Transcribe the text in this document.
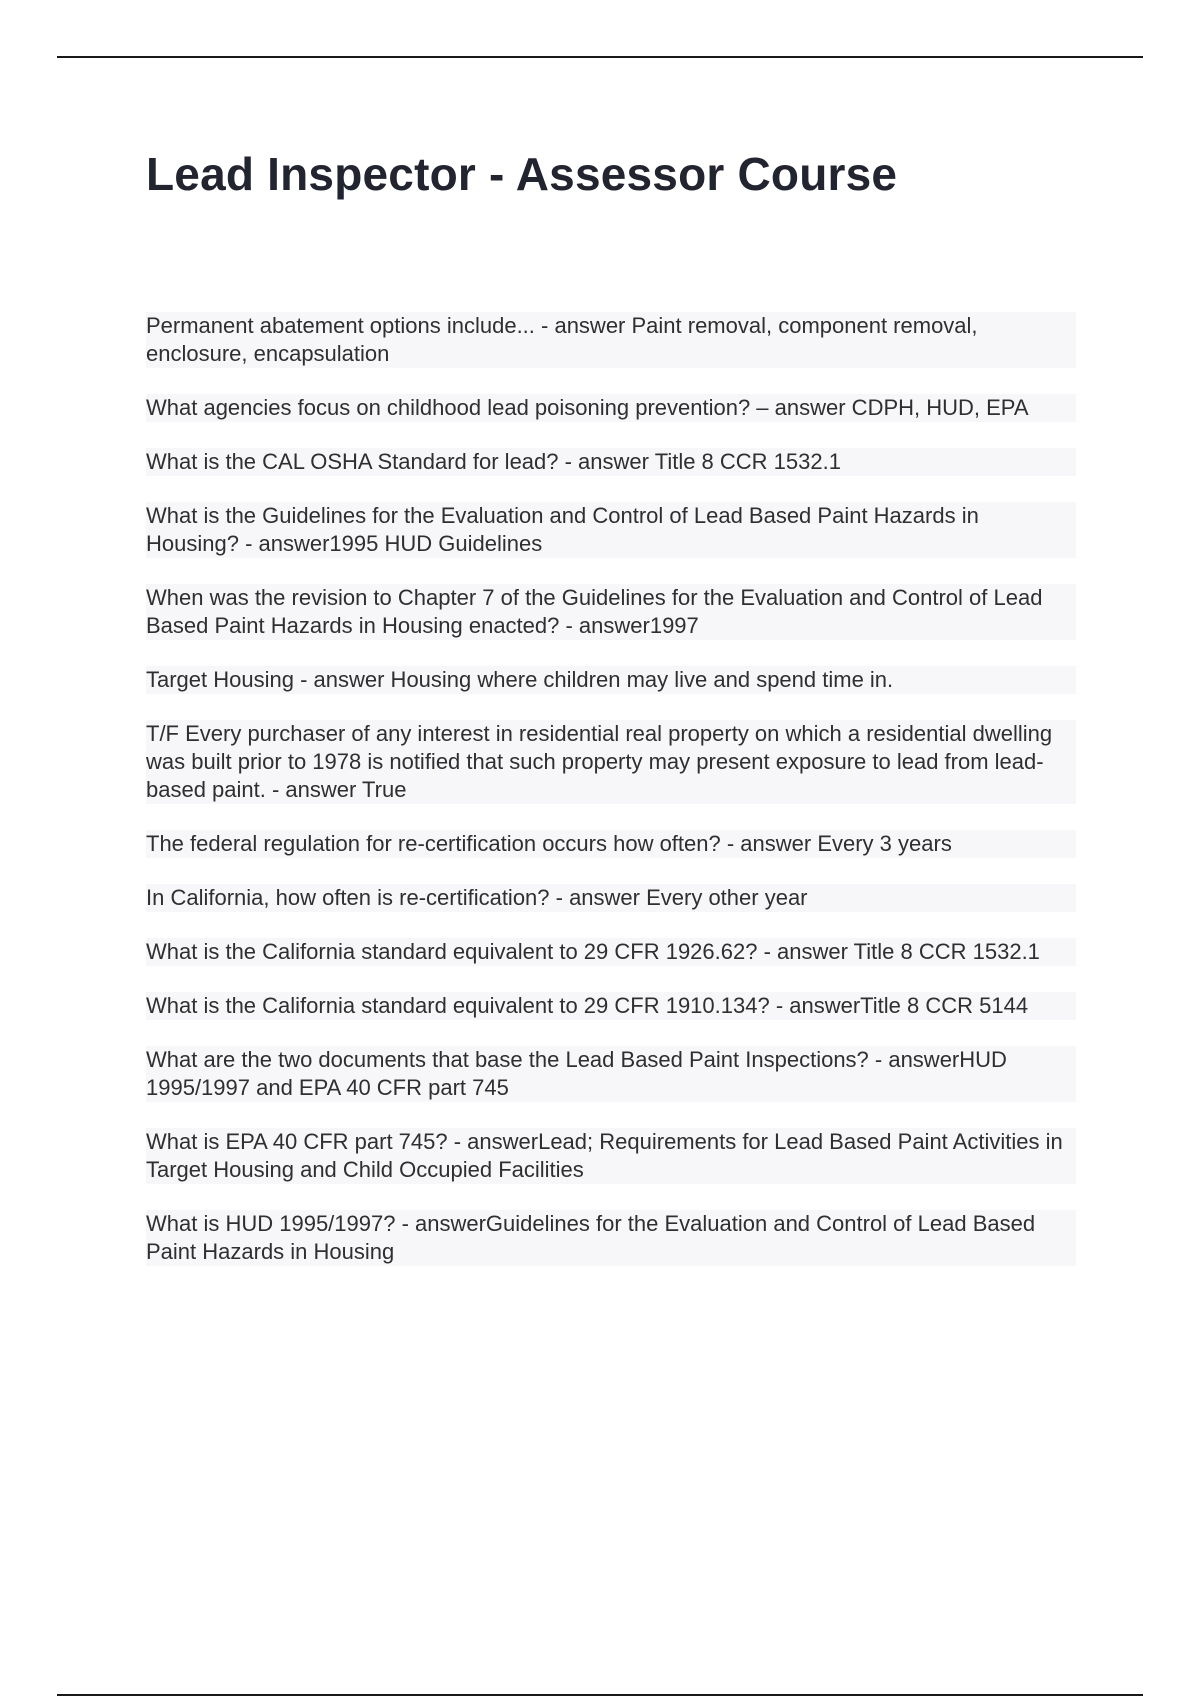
Lead Inspector - Assessor Course

Permanent abatement options include... - answer Paint removal, component removal, enclosure, encapsulation

What agencies focus on childhood lead poisoning prevention? – answer CDPH, HUD, EPA

What is the CAL OSHA Standard for lead? - answer Title 8 CCR 1532.1

What is the Guidelines for the Evaluation and Control of Lead Based Paint Hazards in Housing? - answer1995 HUD Guidelines

When was the revision to Chapter 7 of the Guidelines for the Evaluation and Control of Lead Based Paint Hazards in Housing enacted? - answer1997

Target Housing - answer Housing where children may live and spend time in.

T/F Every purchaser of any interest in residential real property on which a residential dwelling was built prior to 1978 is notified that such property may present exposure to lead from lead-based paint. - answer True

The federal regulation for re-certification occurs how often? - answer Every 3 years

In California, how often is re-certification? - answer Every other year

What is the California standard equivalent to 29 CFR 1926.62? - answer Title 8 CCR 1532.1

What is the California standard equivalent to 29 CFR 1910.134? - answerTitle 8 CCR 5144

What are the two documents that base the Lead Based Paint Inspections? - answerHUD 1995/1997 and EPA 40 CFR part 745

What is EPA 40 CFR part 745? - answerLead; Requirements for Lead Based Paint Activities in Target Housing and Child Occupied Facilities

What is HUD 1995/1997? - answerGuidelines for the Evaluation and Control of Lead Based Paint Hazards in Housing
